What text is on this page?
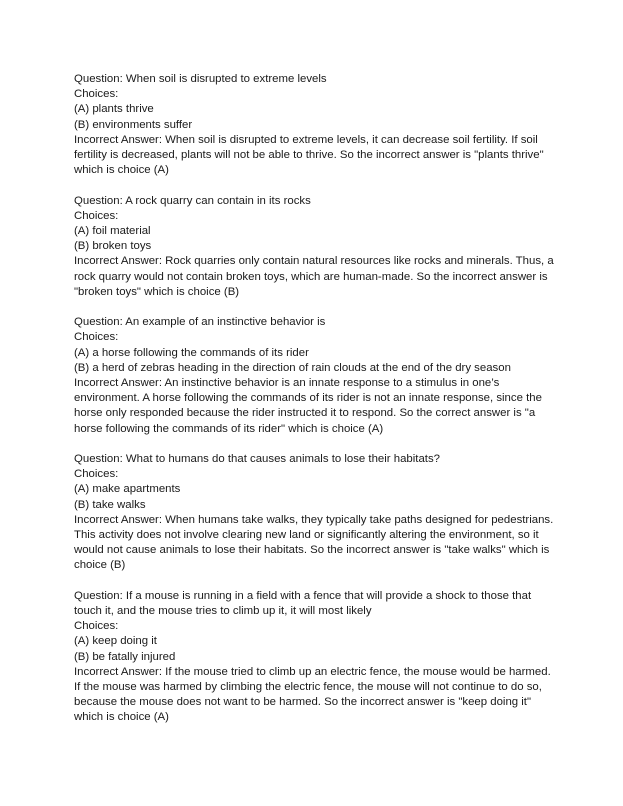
Question: When soil is disrupted to extreme levels
Choices:
(A) plants thrive
(B) environments suffer
Incorrect Answer: When soil is disrupted to extreme levels, it can decrease soil fertility. If soil fertility is decreased, plants will not be able to thrive. So the incorrect answer is "plants thrive" which is choice (A)
Question: A rock quarry can contain in its rocks
Choices:
(A) foil material
(B) broken toys
Incorrect Answer: Rock quarries only contain natural resources like rocks and minerals. Thus, a rock quarry would not contain broken toys, which are human-made. So the incorrect answer is "broken toys" which is choice (B)
Question: An example of an instinctive behavior is
Choices:
(A) a horse following the commands of its rider
(B) a herd of zebras heading in the direction of rain clouds at the end of the dry season
Incorrect Answer: An instinctive behavior is an innate response to a stimulus in one’s environment. A horse following the commands of its rider is not an innate response, since the horse only responded because the rider instructed it to respond. So the correct answer is "a horse following the commands of its rider" which is choice (A)
Question: What to humans do that causes animals to lose their habitats?
Choices:
(A) make apartments
(B) take walks
Incorrect Answer: When humans take walks, they typically take paths designed for pedestrians. This activity does not involve clearing new land or significantly altering the environment, so it would not cause animals to lose their habitats. So the incorrect answer is "take walks" which is choice (B)
Question: If a mouse is running in a field with a fence that will provide a shock to those that touch it, and the mouse tries to climb up it, it will most likely
Choices:
(A) keep doing it
(B) be fatally injured
Incorrect Answer: If the mouse tried to climb up an electric fence, the mouse would be harmed. If the mouse was harmed by climbing the electric fence, the mouse will not continue to do so, because the mouse does not want to be harmed. So the incorrect answer is "keep doing it" which is choice (A)
